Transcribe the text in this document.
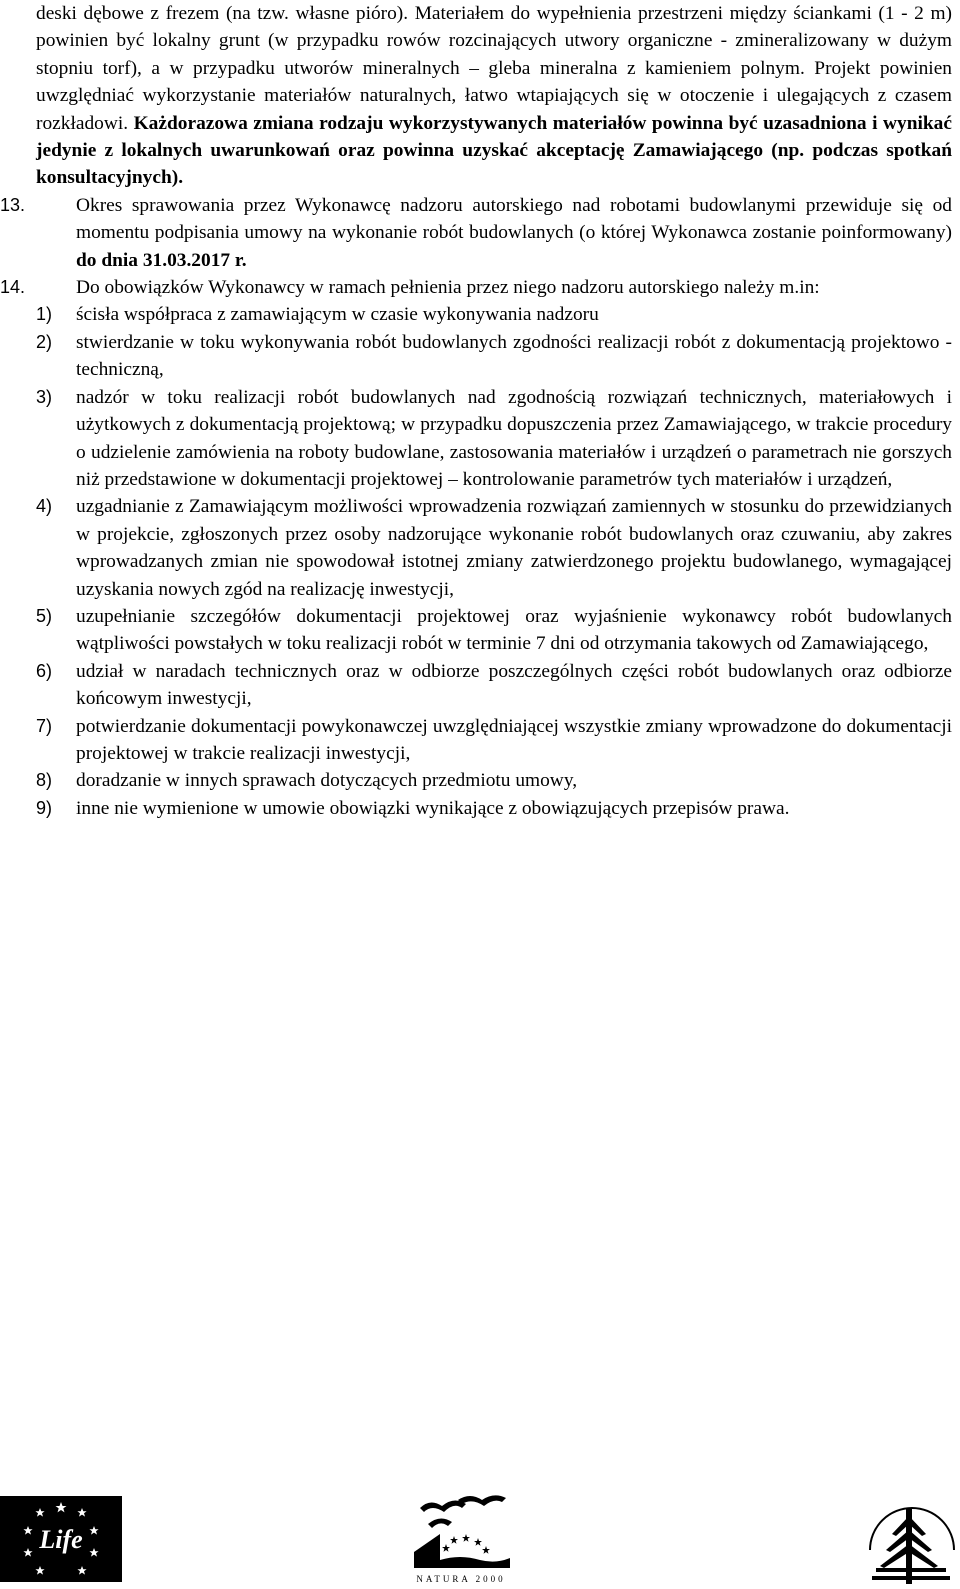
deski dębowe z frezem (na tzw. własne pióro). Materiałem do wypełnienia przestrzeni między ściankami (1 - 2 m) powinien być lokalny grunt (w przypadku rowów rozcinających utwory organiczne - zmineralizowany w dużym stopniu torf), a w przypadku utworów mineralnych – gleba mineralna z kamieniem polnym. Projekt powinien uwzględniać wykorzystanie materiałów naturalnych, łatwo wtapiających się w otoczenie i ulegających z czasem rozkładowi. Każdorazowa zmiana rodzaju wykorzystywanych materiałów powinna być uzasadniona i wynikać jedynie z lokalnych uwarunkowań oraz powinna uzyskać akceptację Zamawiającego (np. podczas spotkań konsultacyjnych).

13.	Okres sprawowania przez Wykonawcę nadzoru autorskiego nad robotami budowlanymi przewiduje się od momentu podpisania umowy na wykonanie robót budowlanych (o której Wykonawca zostanie poinformowany) do dnia 31.03.2017 r.

14.	Do obowiązków Wykonawcy w ramach pełnienia przez niego nadzoru autorskiego należy m.in:

1)	ścisła współpraca z zamawiającym w czasie wykonywania nadzoru

2)	stwierdzanie w toku wykonywania robót budowlanych zgodności realizacji robót z dokumentacją projektowo - techniczną,

3)	nadzór w toku realizacji robót budowlanych nad zgodnością rozwiązań technicznych, materiałowych i użytkowych z dokumentacją projektową; w przypadku dopuszczenia przez Zamawiającego, w trakcie procedury o udzielenie zamówienia na roboty budowlane, zastosowania materiałów i urządzeń o parametrach nie gorszych niż przedstawione w dokumentacji projektowej – kontrolowanie parametrów tych materiałów i urządzeń,

4)	uzgadnianie z Zamawiającym możliwości wprowadzenia rozwiązań zamiennych w stosunku do przewidzianych w projekcie, zgłoszonych przez osoby nadzorujące wykonanie robót budowlanych oraz czuwaniu, aby zakres wprowadzanych zmian nie spowodował istotnej zmiany zatwierdzonego projektu budowlanego, wymagającej uzyskania nowych zgód na realizację inwestycji,

5)	uzupełnianie szczegółów dokumentacji projektowej oraz wyjaśnienie wykonawcy robót budowlanych wątpliwości powstałych w toku realizacji robót w terminie 7 dni od otrzymania takowych od Zamawiającego,

6)	udział w naradach technicznych oraz w odbiorze poszczególnych części robót budowlanych oraz odbiorze końcowym inwestycji,

7)	potwierdzanie dokumentacji powykonawczej uwzględniającej wszystkie zmiany wprowadzone do dokumentacji projektowej w trakcie realizacji inwestycji,

8)	doradzanie w innych sprawach dotyczących przedmiotu umowy,

9)	inne nie wymienione w umowie obowiązki wynikające z obowiązujących przepisów prawa.

Life
NATURA 2000
